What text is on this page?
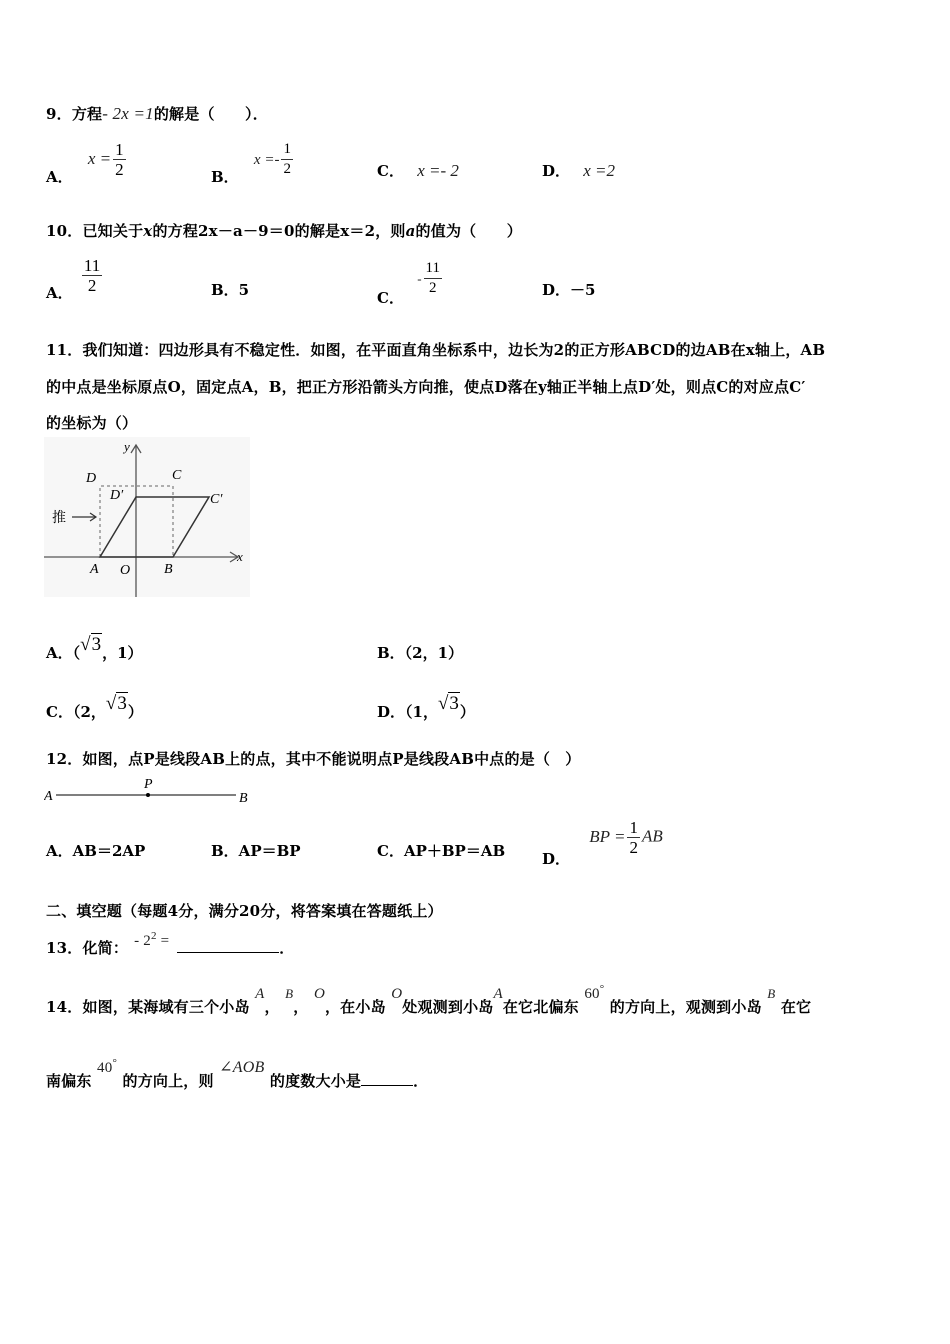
9．方程- 2x =1的解是（　　）．
A． $x = \frac{1}{2}$	B． $x =- \frac{1}{2}$	C． x =- 2	D． x =2
10．已知关于x的方程2x－a－9＝0的解是x＝2，则a的值为（　　）
A． $\frac{11}{2}$	B．5	C． - $\frac{11}{2}$	D．－5
11．我们知道：四边形具有不稳定性．如图，在平面直角坐标系中，边长为2的正方形ABCD的边AB在x轴上，AB
的中点是坐标原点O，固定点A，B，把正方形沿箭头方向推，使点D落在y轴正半轴上点D′处，则点C的对应点C′
的坐标为（）
y
x
D	C
D′	C′
推
A O B
A．（√3，1）	B．（2，1）
C．（2，√3）	D．（1，√3）
12．如图，点P是线段AB上的点，其中不能说明点P是线段AB中点的是（　）
A
P
B
A．AB＝2AP	B．AP＝BP	C．AP＋BP＝AB D． BP = $\frac{1}{2}$ AB
二、填空题（每题4分，满分20分，将答案填在答题纸上）
13．化简： - $2^2$ =	．
14．如图，某海域有三个小岛 A， B， O，在小岛 O处观测到小岛A在它北偏东 60° 的方向上，观测到小岛 B 在它
南偏东 40° 的方向上，则 ∠AOB 的度数大小是	．
